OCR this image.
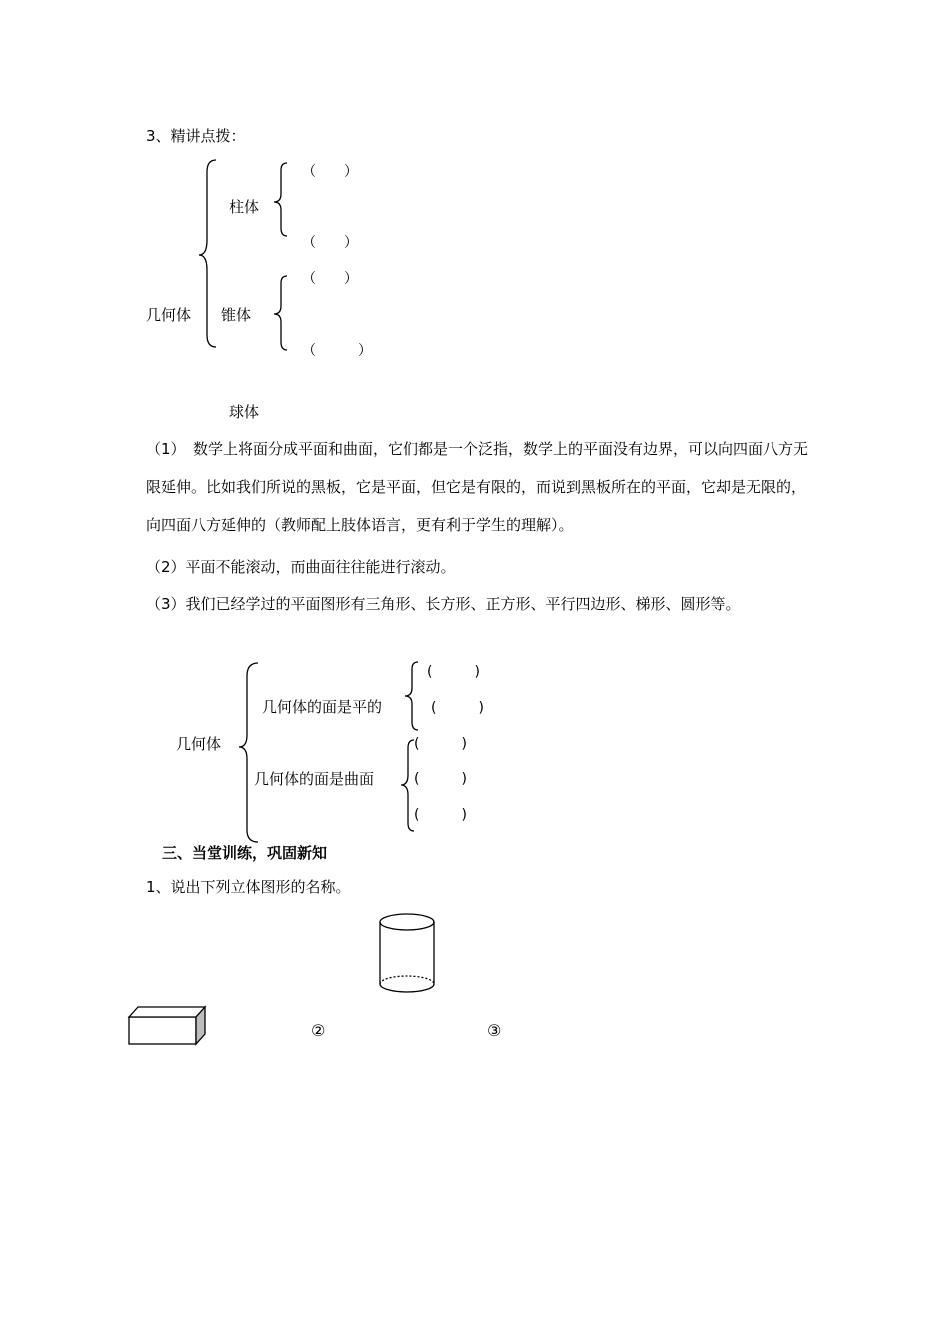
3、精讲点拨：
（　　）
柱体
（　　）
（　　）
几何体 锥体
（　　　）
球体
（1）　数学上将面分成平面和曲面，它们都是一个泛指，数学上的平面没有边界，可以向四面八方无限延伸。比如我们所说的黑板，它是平面，但它是有限的，而说到黑板所在的平面，它却是无限的，向四面八方延伸的（教师配上肢体语言，更有利于学生的理解）。
（2）平面不能滚动，而曲面往往能进行滚动。
（3）我们已经学过的平面图形有三角形、长方形、正方形、平行四边形、梯形、圆形等。
(　　　)
几何体的面是平的	(　　　)
几何体	(　　　)
几何体的面是曲面	(　　　)
(　　　)
三、当堂训练，巩固新知
1、说出下列立体图形的名称。
②	③
